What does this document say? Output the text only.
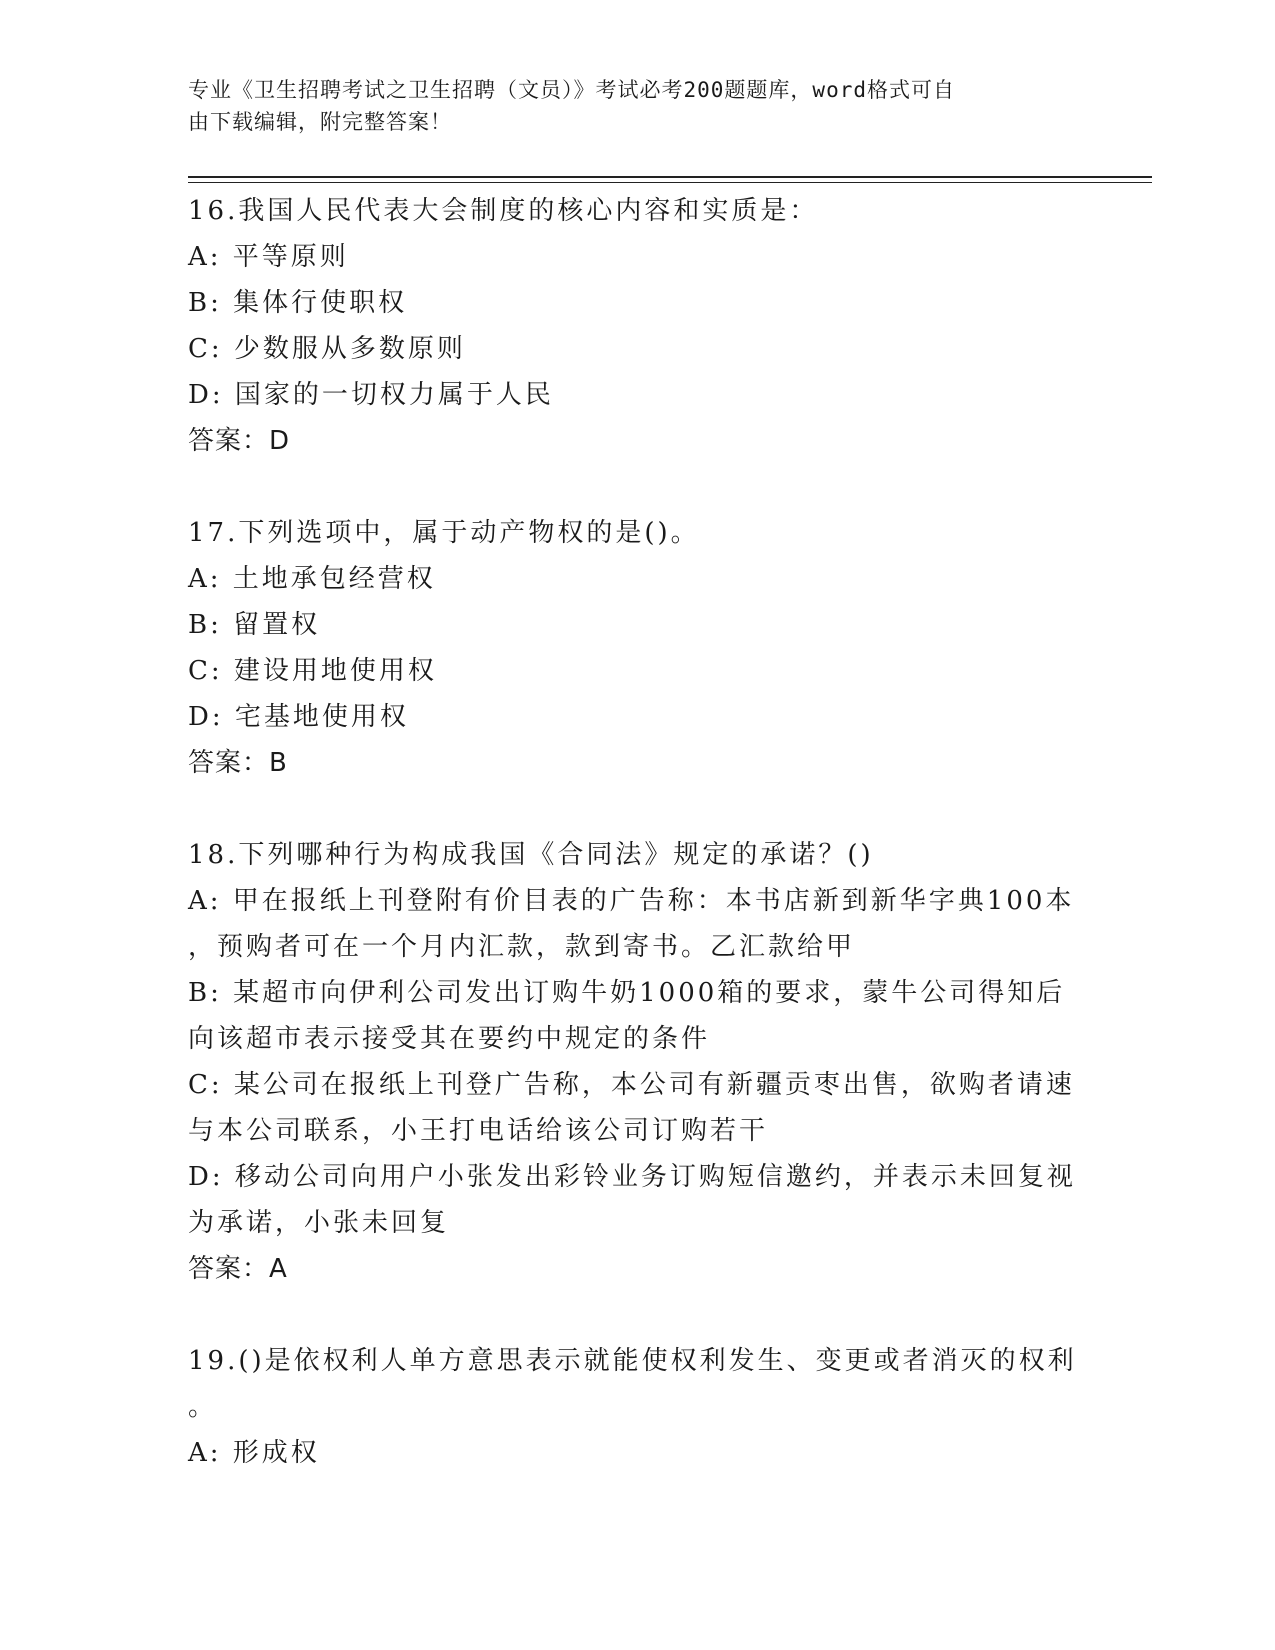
专业《卫生招聘考试之卫生招聘（文员）》考试必考200题题库，word格式可自
由下载编辑，附完整答案！
16.我国人民代表大会制度的核心内容和实质是：
A: 平等原则
B: 集体行使职权
C: 少数服从多数原则
D: 国家的一切权力属于人民
答案：D
17.下列选项中，属于动产物权的是()。
A: 土地承包经营权
B: 留置权
C: 建设用地使用权
D: 宅基地使用权
答案：B
18.下列哪种行为构成我国《合同法》规定的承诺？()
A: 甲在报纸上刊登附有价目表的广告称：本书店新到新华字典100本
，预购者可在一个月内汇款，款到寄书。乙汇款给甲
B: 某超市向伊利公司发出订购牛奶1000箱的要求，蒙牛公司得知后
向该超市表示接受其在要约中规定的条件
C: 某公司在报纸上刊登广告称，本公司有新疆贡枣出售，欲购者请速
与本公司联系，小王打电话给该公司订购若干
D: 移动公司向用户小张发出彩铃业务订购短信邀约，并表示未回复视
为承诺，小张未回复
答案：A
19.()是依权利人单方意思表示就能使权利发生、变更或者消灭的权利
。
A: 形成权
